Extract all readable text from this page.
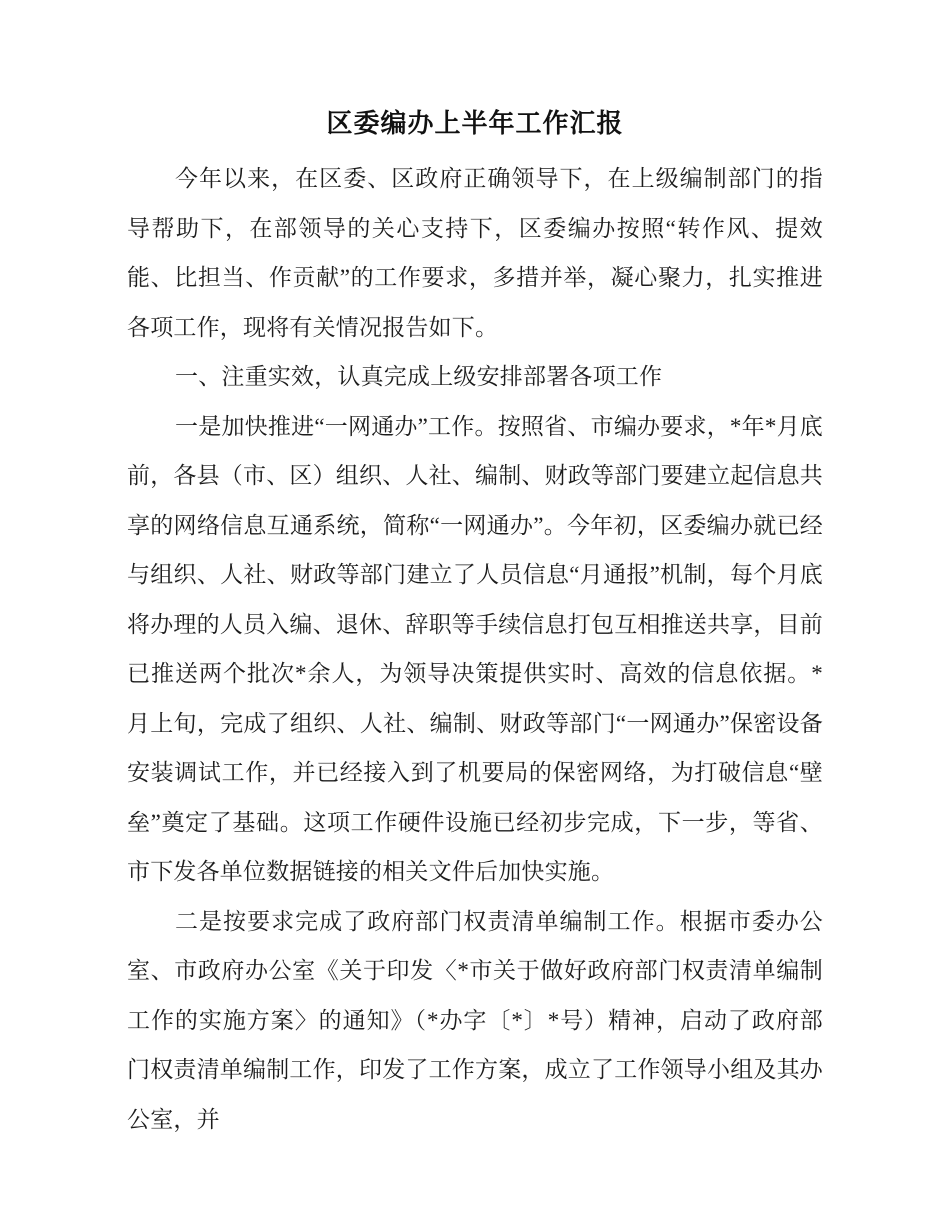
区委编办上半年工作汇报

今年以来，在区委、区政府正确领导下，在上级编制部门的指导帮助下，在部领导的关心支持下，区委编办按照“转作风、提效能、比担当、作贡献”的工作要求，多措并举，凝心聚力，扎实推进各项工作，现将有关情况报告如下。

一、注重实效，认真完成上级安排部署各项工作

一是加快推进“一网通办”工作。按照省、市编办要求，*年*月底前，各县（市、区）组织、人社、编制、财政等部门要建立起信息共享的网络信息互通系统，简称“一网通办”。今年初，区委编办就已经与组织、人社、财政等部门建立了人员信息“月通报”机制，每个月底将办理的人员入编、退休、辞职等手续信息打包互相推送共享，目前已推送两个批次*余人，为领导决策提供实时、高效的信息依据。*月上旬，完成了组织、人社、编制、财政等部门“一网通办”保密设备安装调试工作，并已经接入到了机要局的保密网络，为打破信息“壁垒”奠定了基础。这项工作硬件设施已经初步完成，下一步，等省、市下发各单位数据链接的相关文件后加快实施。

二是按要求完成了政府部门权责清单编制工作。根据市委办公室、市政府办公室《关于印发〈*市关于做好政府部门权责清单编制工作的实施方案〉的通知》（*办字〔*〕*号）精神，启动了政府部门权责清单编制工作，印发了工作方案，成立了工作领导小组及其办公室，并
